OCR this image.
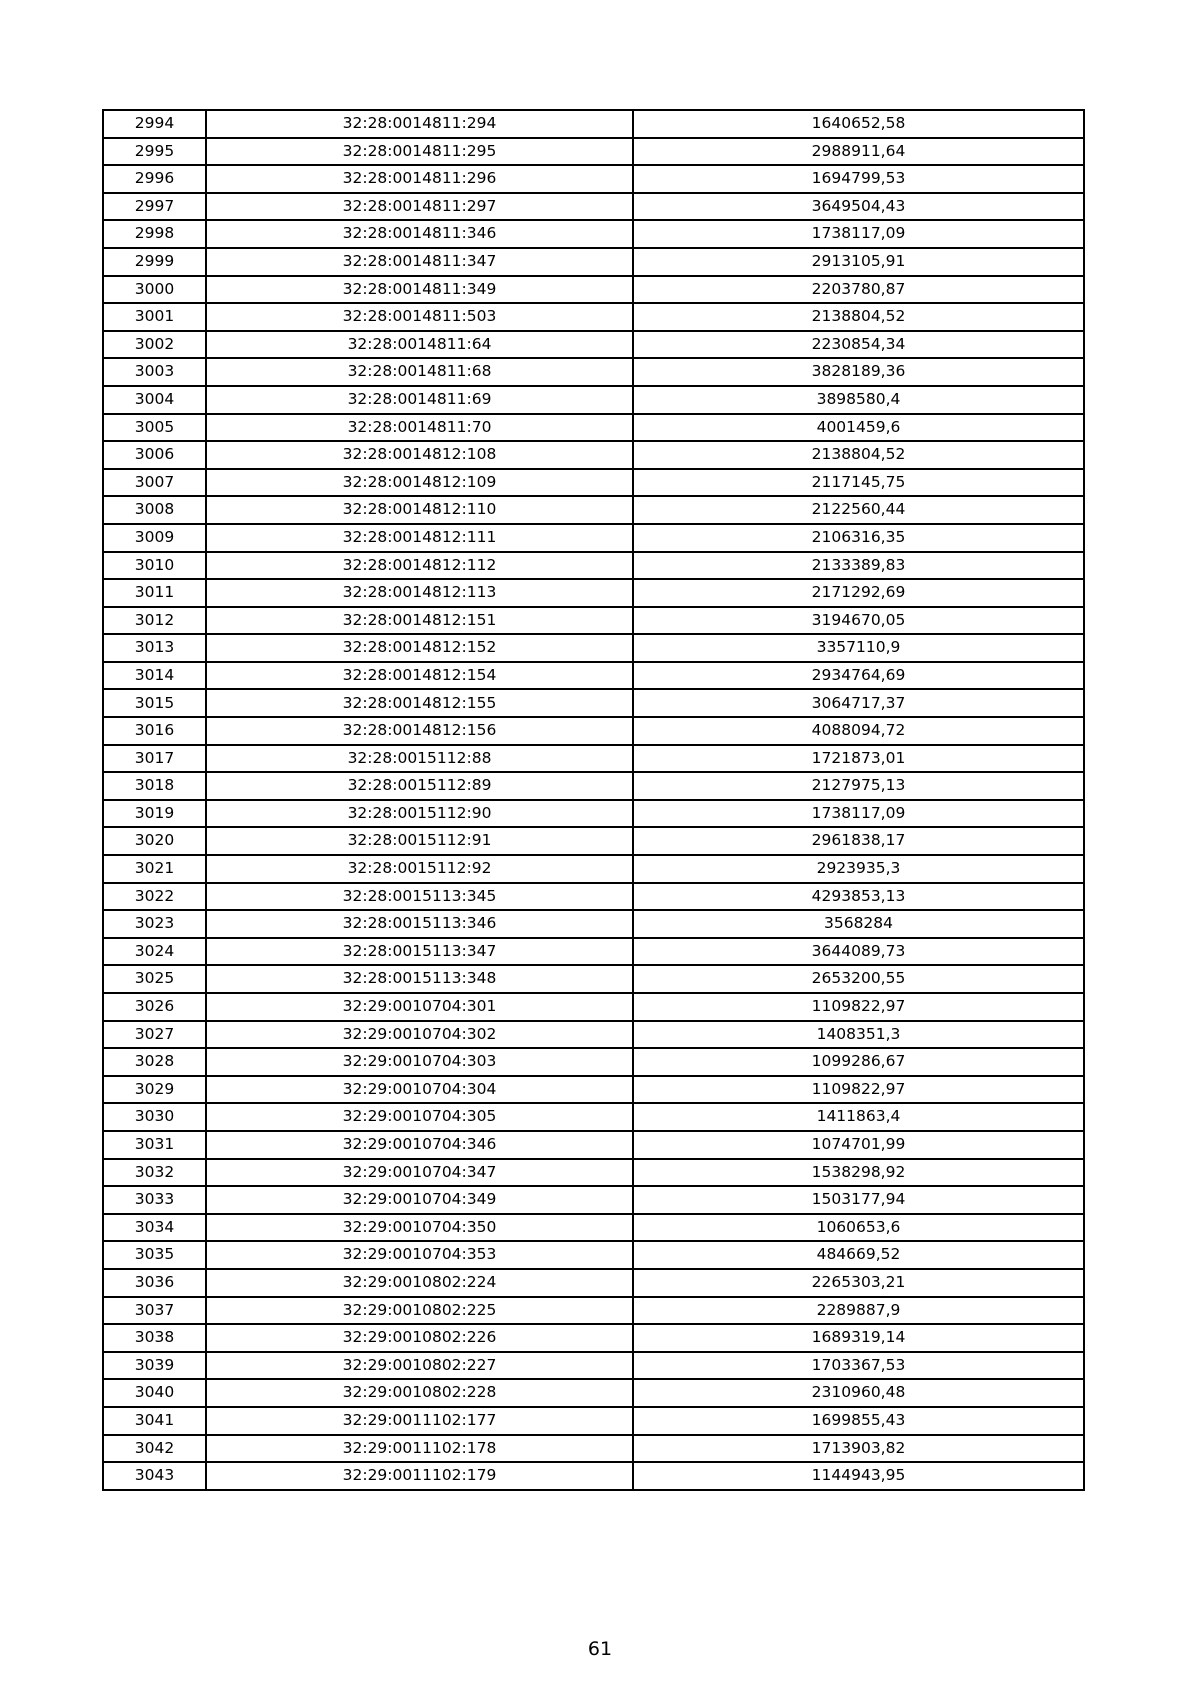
2994	32:28:0014811:294	1640652,58
2995	32:28:0014811:295	2988911,64
2996	32:28:0014811:296	1694799,53
2997	32:28:0014811:297	3649504,43
2998	32:28:0014811:346	1738117,09
2999	32:28:0014811:347	2913105,91
3000	32:28:0014811:349	2203780,87
3001	32:28:0014811:503	2138804,52
3002	32:28:0014811:64	2230854,34
3003	32:28:0014811:68	3828189,36
3004	32:28:0014811:69	3898580,4
3005	32:28:0014811:70	4001459,6
3006	32:28:0014812:108	2138804,52
3007	32:28:0014812:109	2117145,75
3008	32:28:0014812:110	2122560,44
3009	32:28:0014812:111	2106316,35
3010	32:28:0014812:112	2133389,83
3011	32:28:0014812:113	2171292,69
3012	32:28:0014812:151	3194670,05
3013	32:28:0014812:152	3357110,9
3014	32:28:0014812:154	2934764,69
3015	32:28:0014812:155	3064717,37
3016	32:28:0014812:156	4088094,72
3017	32:28:0015112:88	1721873,01
3018	32:28:0015112:89	2127975,13
3019	32:28:0015112:90	1738117,09
3020	32:28:0015112:91	2961838,17
3021	32:28:0015112:92	2923935,3
3022	32:28:0015113:345	4293853,13
3023	32:28:0015113:346	3568284
3024	32:28:0015113:347	3644089,73
3025	32:28:0015113:348	2653200,55
3026	32:29:0010704:301	1109822,97
3027	32:29:0010704:302	1408351,3
3028	32:29:0010704:303	1099286,67
3029	32:29:0010704:304	1109822,97
3030	32:29:0010704:305	1411863,4
3031	32:29:0010704:346	1074701,99
3032	32:29:0010704:347	1538298,92
3033	32:29:0010704:349	1503177,94
3034	32:29:0010704:350	1060653,6
3035	32:29:0010704:353	484669,52
3036	32:29:0010802:224	2265303,21
3037	32:29:0010802:225	2289887,9
3038	32:29:0010802:226	1689319,14
3039	32:29:0010802:227	1703367,53
3040	32:29:0010802:228	2310960,48
3041	32:29:0011102:177	1699855,43
3042	32:29:0011102:178	1713903,82
3043	32:29:0011102:179	1144943,95
61
